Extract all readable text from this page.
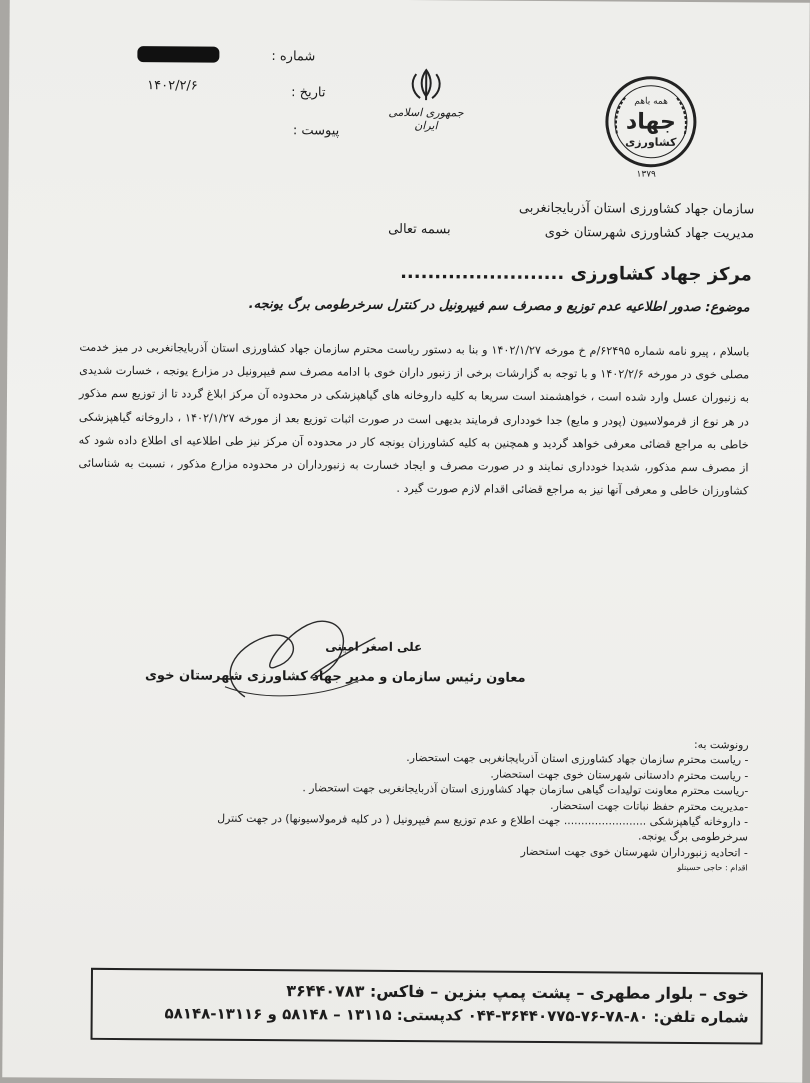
شماره :
تاریخ :
۱۴۰۲/۲/۶
پیوست :
جمهوری اسلامی ایران
همه باهم
جهاد
کشاورزی
۱۳۷۹
سازمان جهاد کشاورزی استان آذربایجانغربی
مدیریت جهاد کشاورزی شهرستان خوی
بسمه تعالی
مرکز جهاد کشاورزی ........................
موضوع: صدور اطلاعیه عدم توزیع و مصرف سم فیپرونیل در کنترل سرخرطومی برگ یونجه.
باسلام ، پیرو نامه شماره ۶۲۴۹۵/م خ مورخه ۱۴۰۲/۱/۲۷ و بنا به دستور ریاست محترم سازمان جهاد کشاورزی استان آذربایجانغربی در میز خدمت مصلی خوی در مورخه ۱۴۰۲/۲/۶ و با توجه به گزارشات برخی از زنبور داران خوی با ادامه مصرف سم فیپرونیل در مزارع یونجه ، خسارت شدیدی به زنبوران عسل وارد شده است ، خواهشمند است سریعا به کلیه داروخانه های گیاهپزشکی در محدوده آن مرکز ابلاغ گردد تا از توزیع سم مذکور در هر نوع از فرمولاسیون (پودر و مایع) جدا خودداری فرمایند بدیهی است در صورت اثبات توزیع بعد از مورخه ۱۴۰۲/۱/۲۷ ، داروخانه گیاهپزشکی خاطی به مراجع قضائی معرفی خواهد گردید و همچنین به کلیه کشاورزان یونجه کار در محدوده آن مرکز نیز طی اطلاعیه ای اطلاع داده شود که از مصرف سم مذکور، شدیدا خودداری نمایند و در صورت مصرف و ایجاد خسارت به زنبورداران در محدوده مزارع مذکور ، نسبت به شناسائی کشاورزان خاطی و معرفی آنها نیز به مراجع قضائی اقدام لازم صورت گیرد .
علی اصغر امینی
معاون رئیس سازمان و مدیر جهاد کشاورزی شهرستان خوی
رونوشت به:
- ریاست محترم سازمان جهاد کشاورزی استان آذربایجانغربی جهت استحضار.
- ریاست محترم دادستانی شهرستان خوی جهت استحضار.
-ریاست محترم معاونت تولیدات گیاهی سازمان جهاد کشاورزی استان آذربایجانغربی جهت استحضار .
-مدیریت محترم حفظ نباتات جهت استحضار.
- داروخانه گیاهپزشکی ........................ جهت اطلاع و عدم توزیع سم فیپرونیل ( در کلیه فرمولاسیونها) در جهت کنترل
سرخرطومی برگ یونجه.
- اتحادیه زنبورداران شهرستان خوی جهت استحضار
اقدام : حاجی حسینلو
خوی – بلوار مطهری – پشت پمپ بنزین – فاکس: ۳۶۴۴۰۷۸۳
شماره تلفن: ۸۰-۷۸-۷۶-۳۶۴۴۰۷۷۵-۰۴۴ کدپستی: ۱۳۱۱۵ – ۵۸۱۴۸ و ۱۳۱۱۶-۵۸۱۴۸
